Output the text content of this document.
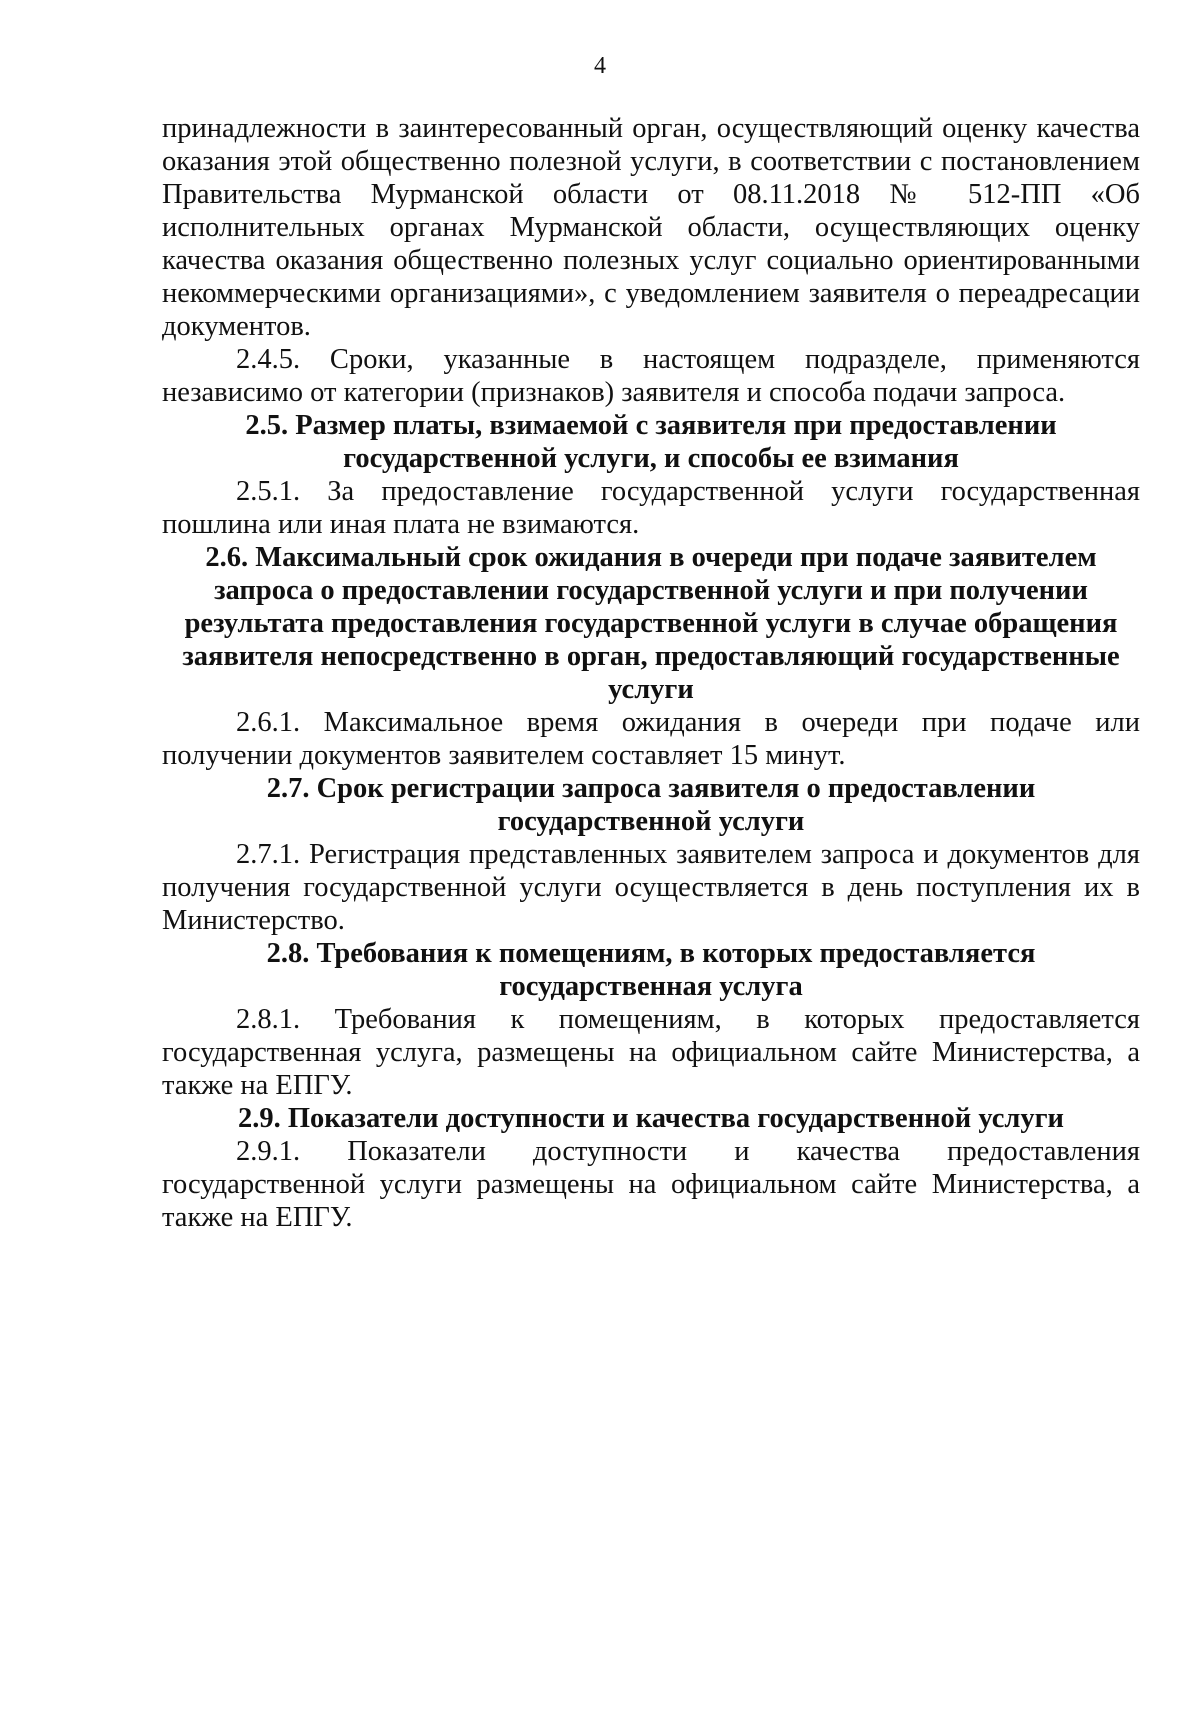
4

принадлежности в заинтересованный орган, осуществляющий оценку качества оказания этой общественно полезной услуги, в соответствии с постановлением Правительства Мурманской области от 08.11.2018 № 512-ПП «Об исполнительных органах Мурманской области, осуществляющих оценку качества оказания общественно полезных услуг социально ориентированными некоммерческими организациями», с уведомлением заявителя о переадресации документов.

2.4.5. Сроки, указанные в настоящем подразделе, применяются независимо от категории (признаков) заявителя и способа подачи запроса.

2.5. Размер платы, взимаемой с заявителя при предоставлении государственной услуги, и способы ее взимания

2.5.1. За предоставление государственной услуги государственная пошлина или иная плата не взимаются.

2.6. Максимальный срок ожидания в очереди при подаче заявителем запроса о предоставлении государственной услуги и при получении результата предоставления государственной услуги в случае обращения заявителя непосредственно в орган, предоставляющий государственные услуги

2.6.1. Максимальное время ожидания в очереди при подаче или получении документов заявителем составляет 15 минут.

2.7. Срок регистрации запроса заявителя о предоставлении государственной услуги

2.7.1. Регистрация представленных заявителем запроса и документов для получения государственной услуги осуществляется в день поступления их в Министерство.

2.8. Требования к помещениям, в которых предоставляется государственная услуга

2.8.1. Требования к помещениям, в которых предоставляется государственная услуга, размещены на официальном сайте Министерства, а также на ЕПГУ.

2.9. Показатели доступности и качества государственной услуги

2.9.1. Показатели доступности и качества предоставления государственной услуги размещены на официальном сайте Министерства, а также на ЕПГУ.
